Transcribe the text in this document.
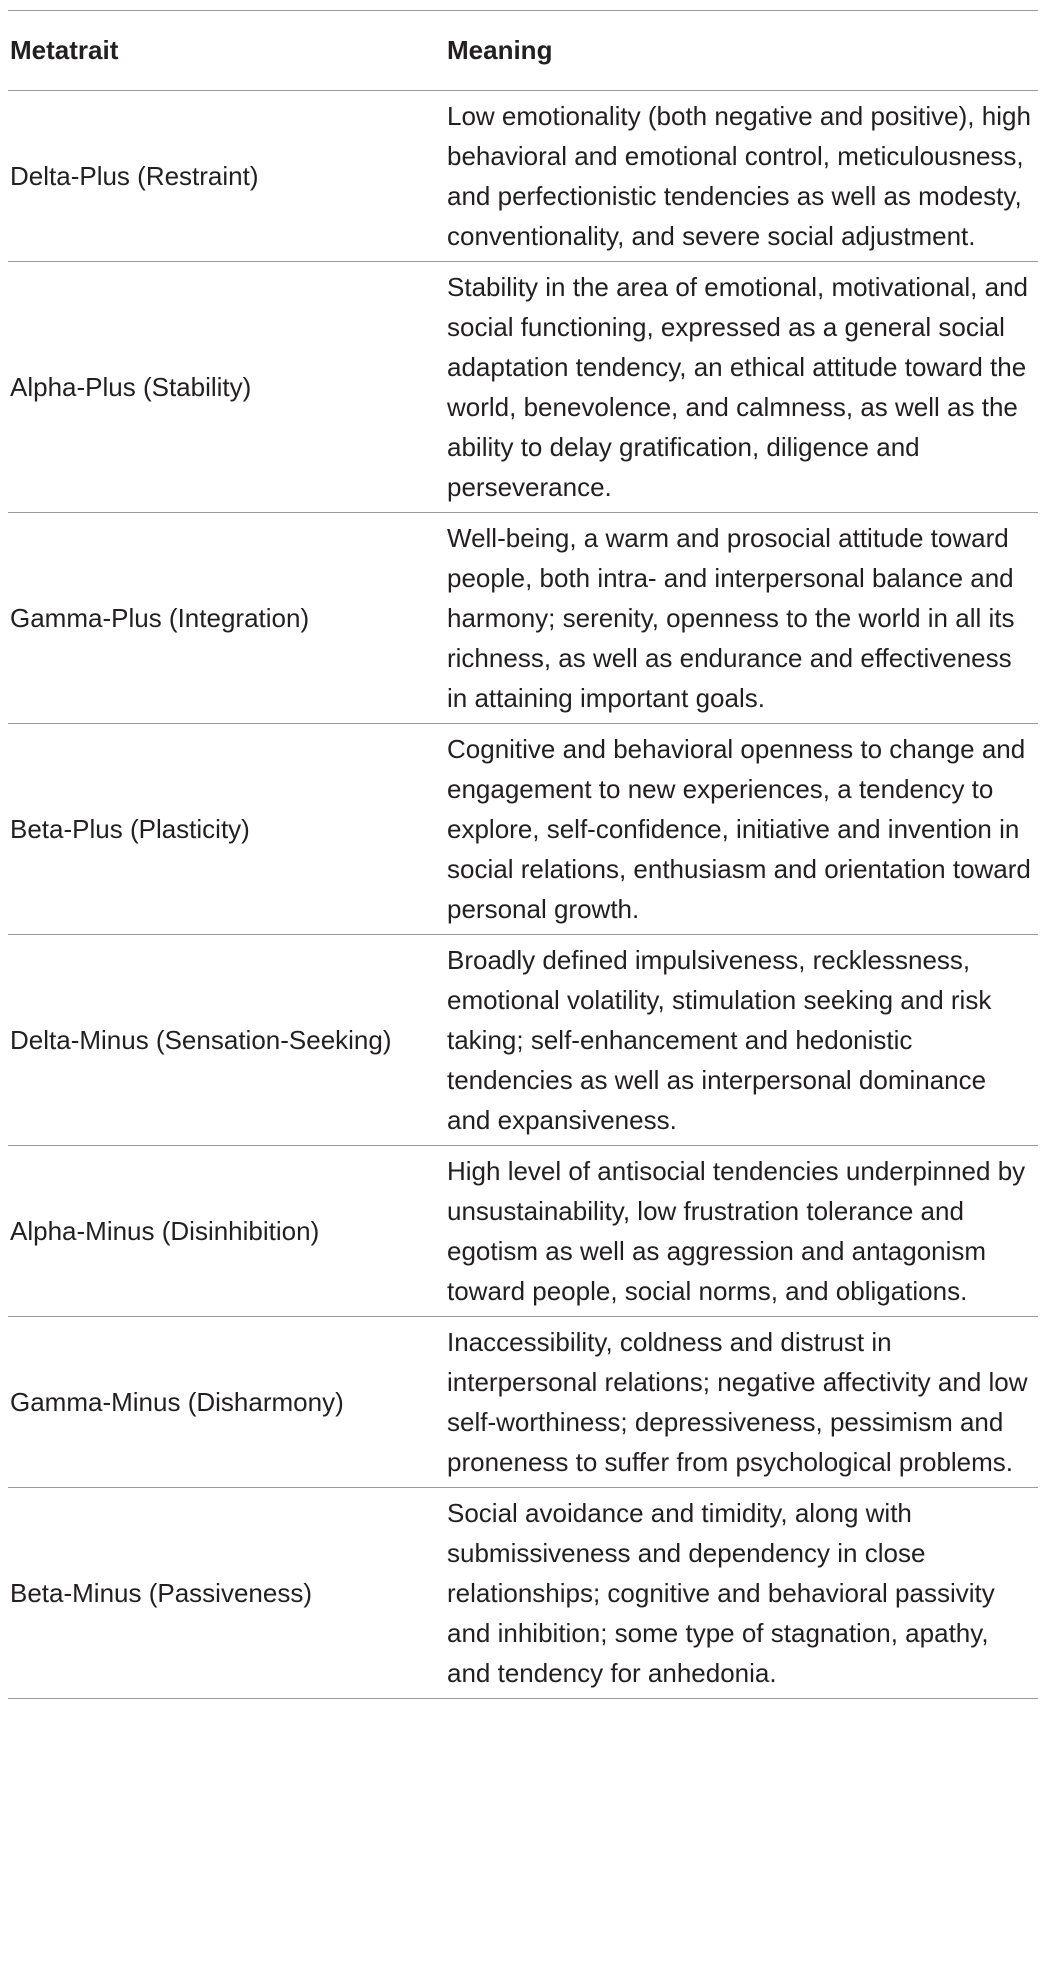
Metatrait	Meaning
Delta-Plus (Restraint)	Low emotionality (both negative and positive), high behavioral and emotional control, meticulousness, and perfectionistic tendencies as well as modesty, conventionality, and severe social adjustment.
Alpha-Plus (Stability)	Stability in the area of emotional, motivational, and social functioning, expressed as a general social adaptation tendency, an ethical attitude toward the world, benevolence, and calmness, as well as the ability to delay gratification, diligence and perseverance.
Gamma-Plus (Integration)	Well-being, a warm and prosocial attitude toward people, both intra- and interpersonal balance and harmony; serenity, openness to the world in all its richness, as well as endurance and effectiveness in attaining important goals.
Beta-Plus (Plasticity)	Cognitive and behavioral openness to change and engagement to new experiences, a tendency to explore, self-confidence, initiative and invention in social relations, enthusiasm and orientation toward personal growth.
Delta-Minus (Sensation-Seeking)	Broadly defined impulsiveness, recklessness, emotional volatility, stimulation seeking and risk taking; self-enhancement and hedonistic tendencies as well as interpersonal dominance and expansiveness.
Alpha-Minus (Disinhibition)	High level of antisocial tendencies underpinned by unsustainability, low frustration tolerance and egotism as well as aggression and antagonism toward people, social norms, and obligations.
Gamma-Minus (Disharmony)	Inaccessibility, coldness and distrust in interpersonal relations; negative affectivity and low self-worthiness; depressiveness, pessimism and proneness to suffer from psychological problems.
Beta-Minus (Passiveness)	Social avoidance and timidity, along with submissiveness and dependency in close relationships; cognitive and behavioral passivity and inhibition; some type of stagnation, apathy, and tendency for anhedonia.
